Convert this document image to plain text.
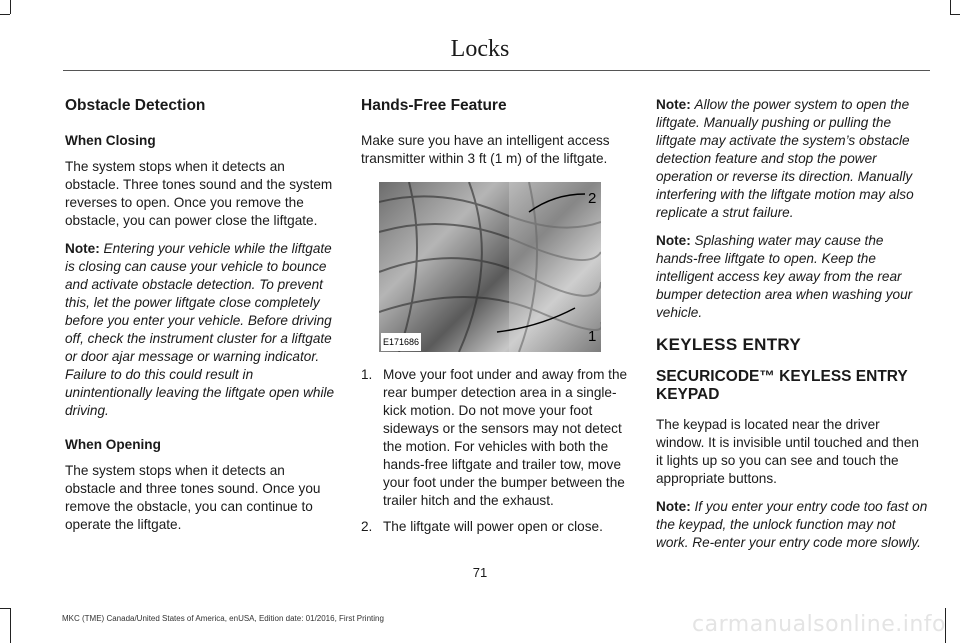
Locks
Obstacle Detection
When Closing

The system stops when it detects an obstacle. Three tones sound and the system reverses to open. Once you remove the obstacle, you can power close the liftgate.

Note: Entering your vehicle while the liftgate is closing can cause your vehicle to bounce and activate obstacle detection. To prevent this, let the power liftgate close completely before you enter your vehicle. Before driving off, check the instrument cluster for a liftgate or door ajar message or warning indicator. Failure to do this could result in unintentionally leaving the liftgate open while driving.

When Opening

The system stops when it detects an obstacle and three tones sound. Once you remove the obstacle, you can continue to operate the liftgate.

Hands-Free Feature

Make sure you have an intelligent access transmitter within 3 ft (1 m) of the liftgate.

1
2
E171686
1. Move your foot under and away from the rear bumper detection area in a single-kick motion. Do not move your foot sideways or the sensors may not detect the motion. For vehicles with both the hands-free liftgate and trailer tow, move your foot under the bumper between the trailer hitch and the exhaust.
2. The liftgate will power open or close.

Note: Allow the power system to open the liftgate. Manually pushing or pulling the liftgate may activate the system’s obstacle detection feature and stop the power operation or reverse its direction. Manually interfering with the liftgate motion may also replicate a strut failure.

Note: Splashing water may cause the hands-free liftgate to open. Keep the intelligent access key away from the rear bumper detection area when washing your vehicle.

KEYLESS ENTRY
SECURICODE™ KEYLESS ENTRY KEYPAD

The keypad is located near the driver window. It is invisible until touched and then it lights up so you can see and touch the appropriate buttons.

Note: If you enter your entry code too fast on the keypad, the unlock function may not work. Re-enter your entry code more slowly.

71
MKC (TME) Canada/United States of America, enUSA, Edition date: 01/2016, First Printing	carmanualsonline.info
